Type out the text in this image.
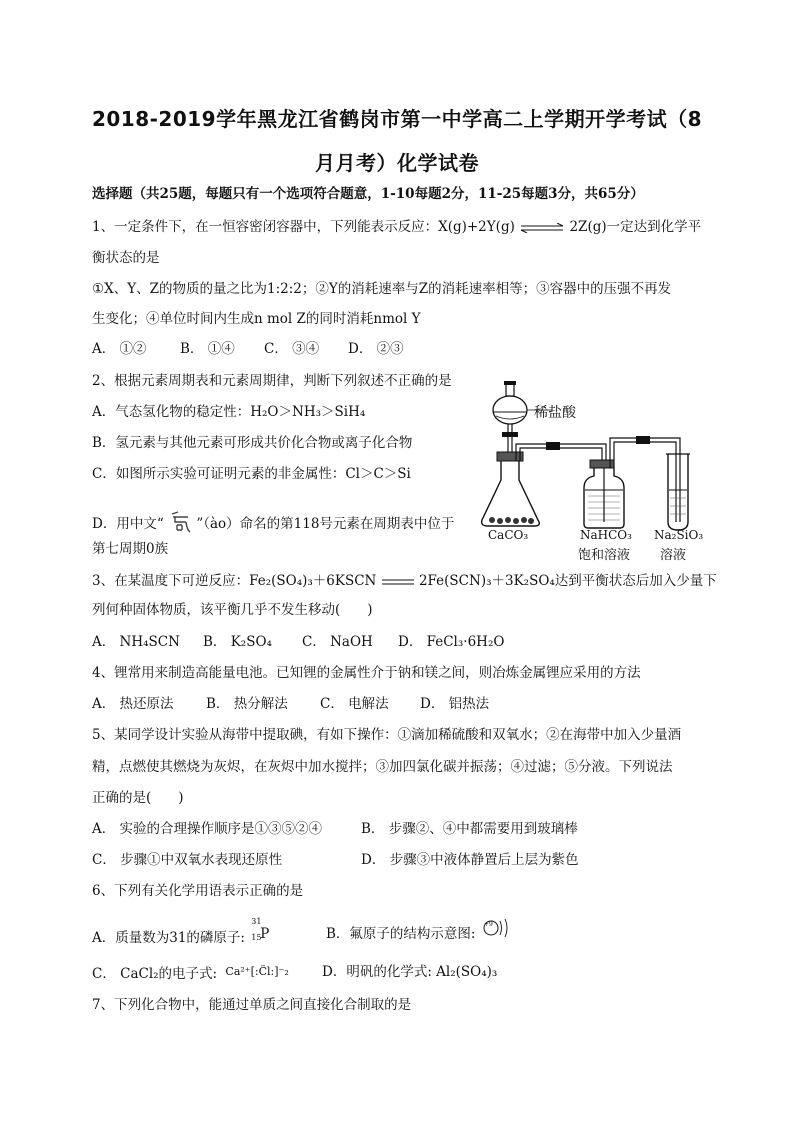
2018-2019学年黑龙江省鹤岗市第一中学高二上学期开学考试（8
月月考）化学试卷
选择题（共25题，每题只有一个选项符合题意，1-10每题2分，11-25每题3分，共65分）
1、一定条件下，在一恒容密闭容器中，下列能表示反应：X(g)+2Y(g) ⇌ 2Z(g)一定达到化学平
衡状态的是
①X、Y、Z的物质的量之比为1:2:2；②Y的消耗速率与Z的消耗速率相等；③容器中的压强不再发
生变化；④单位时间内生成n mol Z的同时消耗nmol Y
A． ①② B． ①④ C． ③④ D． ②③
2、根据元素周期表和元素周期律，判断下列叙述不正确的是
A．气态氢化物的稳定性：H₂O＞NH₃＞SiH₄
B．氢元素与其他元素可形成共价化合物或离子化合物
C．如图所示实验可证明元素的非金属性：Cl＞C＞Si
D．用中文“ ”（ào）命名的第118号元素在周期表中位于
第七周期0族
稀盐酸
CaCO₃	NaHCO₃
饱和溶液
Na₂SiO₃
溶液
3、在某温度下可逆反应：Fe₂(SO₄)₃＋6KSCN	2Fe(SCN)₃＋3K₂SO₄达到平衡状态后加入少量下
列何种固体物质，该平衡几乎不发生移动(　　)
A． NH₄SCN B． K₂SO₄ C． NaOH D． FeCl₃·6H₂O
4、锂常用来制造高能量电池。已知锂的金属性介于钠和镁之间，则冶炼金属锂应采用的方法
A． 热还原法 B． 热分解法 C． 电解法 D． 铝热法
5、某同学设计实验从海带中提取碘，有如下操作：①滴加稀硫酸和双氧水；②在海带中加入少量酒
精，点燃使其燃烧为灰烬，在灰烬中加水搅拌；③加四氯化碳并振荡；④过滤；⑤分液。下列说法
正确的是(　　)
A． 实验的合理操作顺序是①③⑤②④	B． 步骤②、④中都需要用到玻璃棒
C． 步骤①中双氧水表现还原性	D． 步骤③中液体静置后上层为紫色
6、下列有关化学用语表示正确的是
A．质量数为31的磷原子:
31
15
P	B．氟原子的结构示意图:
+9
C． CaCl₂的电子式: $^{Ca^{2+}[:C̈l:]^-_2}$ D．明矾的化学式: Al₂(SO₄)₃
7、下列化合物中，能通过单质之间直接化合制取的是
